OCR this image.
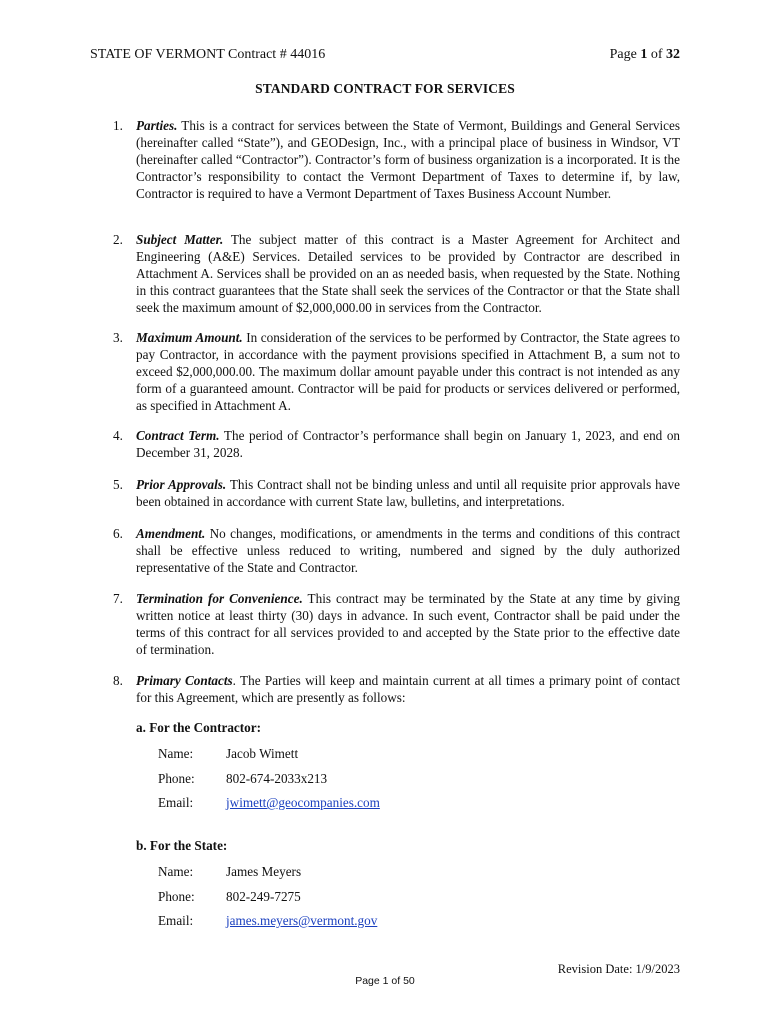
STATE OF VERMONT Contract # 44016	Page 1 of 32
STANDARD CONTRACT FOR SERVICES
1. Parties. This is a contract for services between the State of Vermont, Buildings and General Services (hereinafter called “State”), and GEODesign, Inc., with a principal place of business in Windsor, VT (hereinafter called “Contractor”). Contractor’s form of business organization is a incorporated. It is the Contractor’s responsibility to contact the Vermont Department of Taxes to determine if, by law, Contractor is required to have a Vermont Department of Taxes Business Account Number.
2. Subject Matter. The subject matter of this contract is a Master Agreement for Architect and Engineering (A&E) Services. Detailed services to be provided by Contractor are described in Attachment A. Services shall be provided on an as needed basis, when requested by the State. Nothing in this contract guarantees that the State shall seek the services of the Contractor or that the State shall seek the maximum amount of $2,000,000.00 in services from the Contractor.
3. Maximum Amount. In consideration of the services to be performed by Contractor, the State agrees to pay Contractor, in accordance with the payment provisions specified in Attachment B, a sum not to exceed $2,000,000.00. The maximum dollar amount payable under this contract is not intended as any form of a guaranteed amount. Contractor will be paid for products or services delivered or performed, as specified in Attachment A.
4. Contract Term. The period of Contractor’s performance shall begin on January 1, 2023, and end on December 31, 2028.
5. Prior Approvals. This Contract shall not be binding unless and until all requisite prior approvals have been obtained in accordance with current State law, bulletins, and interpretations.
6. Amendment. No changes, modifications, or amendments in the terms and conditions of this contract shall be effective unless reduced to writing, numbered and signed by the duly authorized representative of the State and Contractor.
7. Termination for Convenience. This contract may be terminated by the State at any time by giving written notice at least thirty (30) days in advance. In such event, Contractor shall be paid under the terms of this contract for all services provided to and accepted by the State prior to the effective date of termination.
8. Primary Contacts. The Parties will keep and maintain current at all times a primary point of contact for this Agreement, which are presently as follows:
a. For the Contractor:
Name: Jacob Wimett
Phone: 802-674-2033x213
Email: jwimett@geocompanies.com
b. For the State:
Name: James Meyers
Phone: 802-249-7275
Email: james.meyers@vermont.gov
Revision Date: 1/9/2023
Page 1 of 50
